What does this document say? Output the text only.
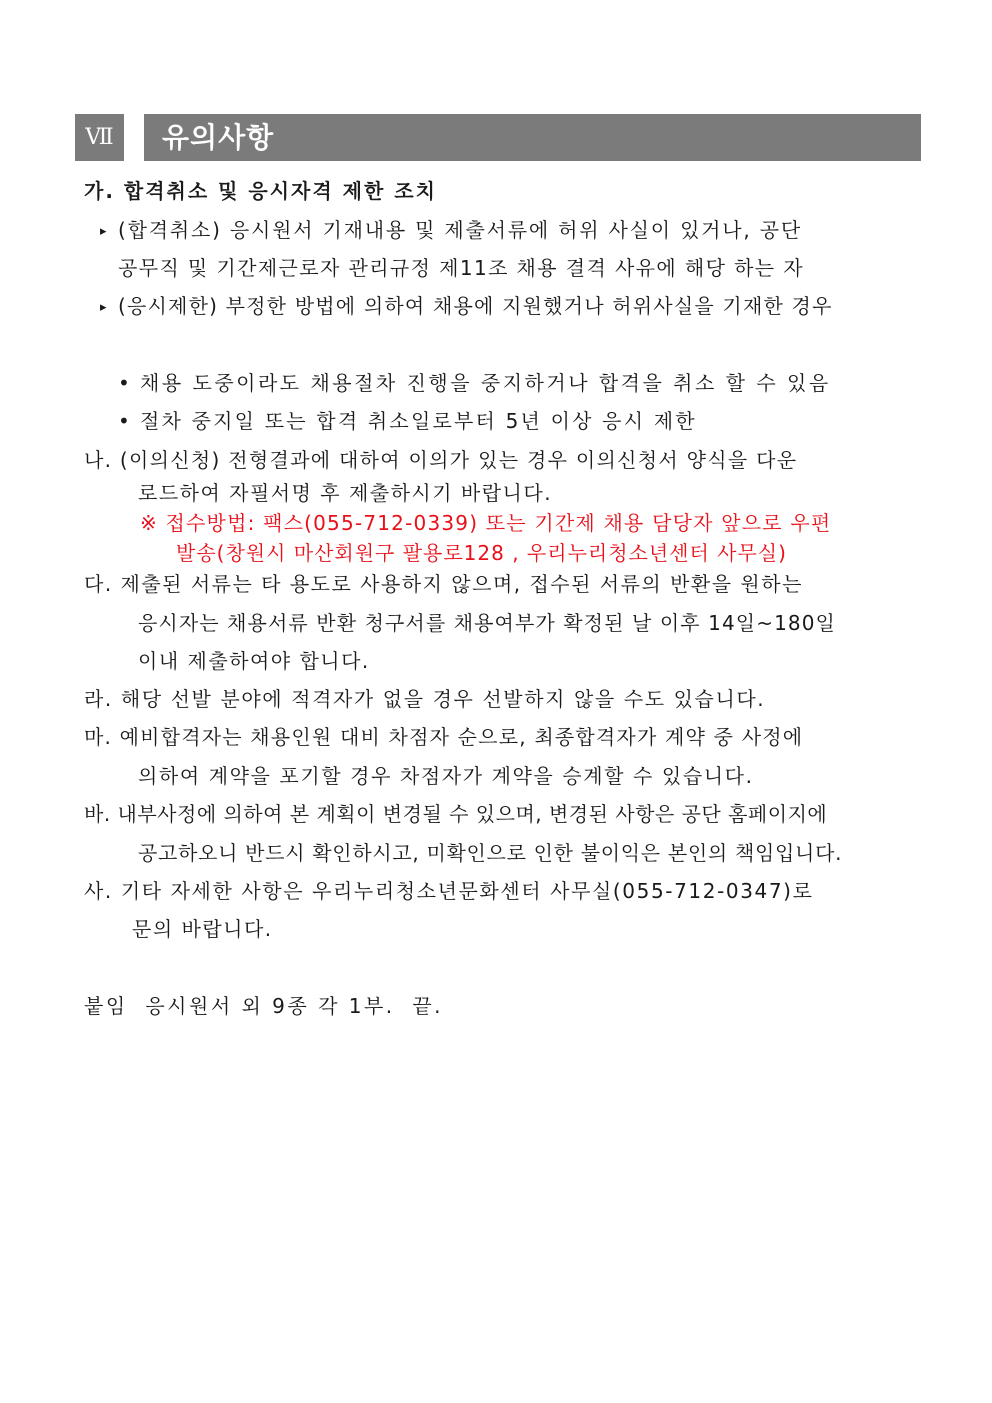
Ⅶ	유의사항
가. 합격취소 및 응시자격 제한 조치
▸ (합격취소) 응시원서 기재내용 및 제출서류에 허위 사실이 있거나, 공단
공무직 및 기간제근로자 관리규정 제11조 채용 결격 사유에 해당 하는 자
▸ (응시제한) 부정한 방법에 의하여 채용에 지원했거나 허위사실을 기재한 경우
• 채용 도중이라도 채용절차 진행을 중지하거나 합격을 취소 할 수 있음
• 절차 중지일 또는 합격 취소일로부터 5년 이상 응시 제한
나. (이의신청) 전형결과에 대하여 이의가 있는 경우 이의신청서 양식을 다운
로드하여 자필서명 후 제출하시기 바랍니다.
※ 접수방법: 팩스(055-712-0339) 또는 기간제 채용 담당자 앞으로 우편
발송(창원시 마산회원구 팔용로128 , 우리누리청소년센터 사무실)
다. 제출된 서류는 타 용도로 사용하지 않으며, 접수된 서류의 반환을 원하는
응시자는 채용서류 반환 청구서를 채용여부가 확정된 날 이후 14일~180일
이내 제출하여야 합니다.
라. 해당 선발 분야에 적격자가 없을 경우 선발하지 않을 수도 있습니다.
마. 예비합격자는 채용인원 대비 차점자 순으로, 최종합격자가 계약 중 사정에
의하여 계약을 포기할 경우 차점자가 계약을 승계할 수 있습니다.
바. 내부사정에 의하여 본 계획이 변경될 수 있으며, 변경된 사항은 공단 홈페이지에
공고하오니 반드시 확인하시고, 미확인으로 인한 불이익은 본인의 책임입니다.
사. 기타 자세한 사항은 우리누리청소년문화센터 사무실(055-712-0347)로
문의 바랍니다.
붙임  응시원서 외 9종 각 1부.  끝.
